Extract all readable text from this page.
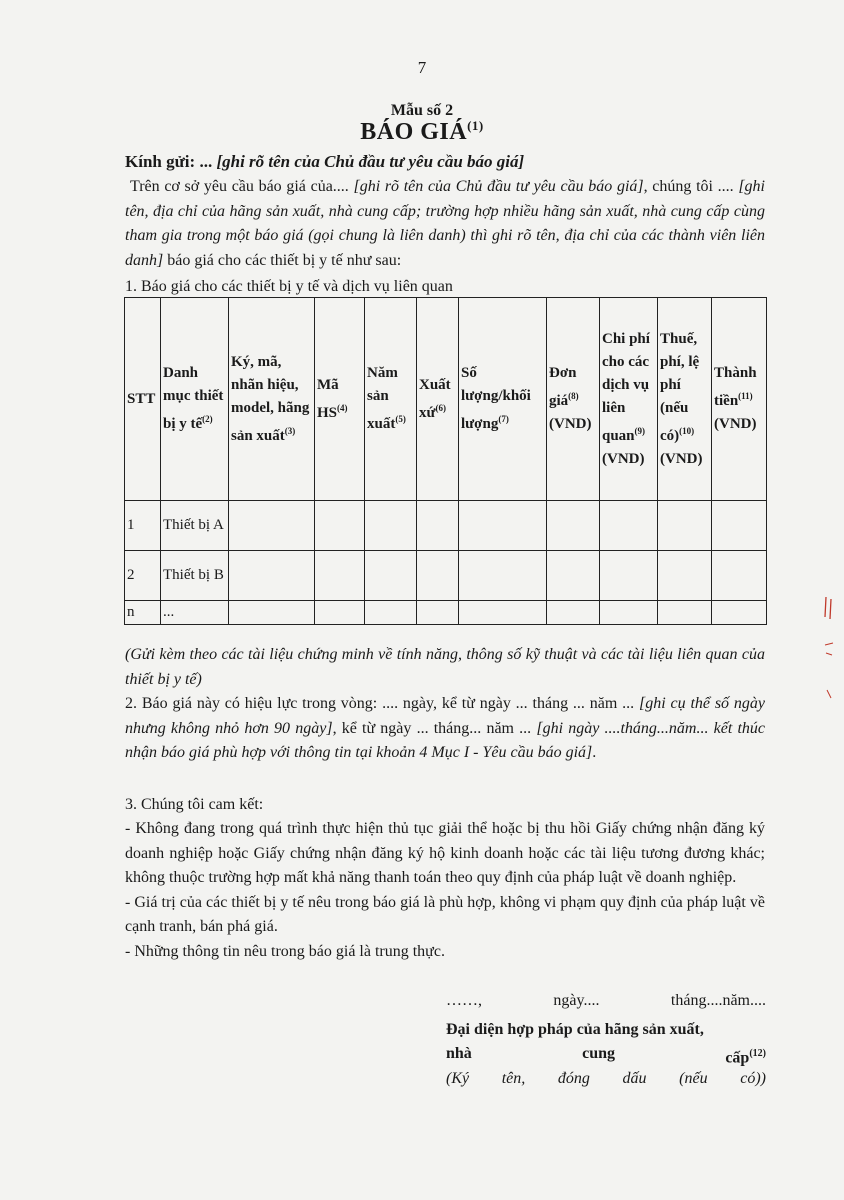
7
Mẫu số 2
BÁO GIÁ$^{(1)}$
Kính gửi: ... [ghi rõ tên của Chủ đầu tư yêu cầu báo giá]
Trên cơ sở yêu cầu báo giá của.... [ghi rõ tên của Chủ đầu tư yêu cầu báo giá], chúng tôi .... [ghi tên, địa chỉ của hãng sản xuất, nhà cung cấp; trường hợp nhiều hãng sản xuất, nhà cung cấp cùng tham gia trong một báo giá (gọi chung là liên danh) thì ghi rõ tên, địa chỉ của các thành viên liên danh] báo giá cho các thiết bị y tế như sau:
1. Báo giá cho các thiết bị y tế và dịch vụ liên quan
STT	Danh mục thiết bị y tế$^{(2)}$	Ký, mã, nhãn hiệu, model, hãng sản xuất$^{(3)}$	Mã HS$^{(4)}$	Năm sản xuất$^{(5)}$	Xuất xứ$^{(6)}$	Số lượng/khối lượng$^{(7)}$	Đơn giá$^{(8)}$ (VND)	Chi phí cho các dịch vụ liên quan$^{(9)}$ (VND)	Thuế, phí, lệ phí (nếu có)$^{(10)}$ (VND)	Thành tiền$^{(11)}$ (VND)
1	Thiết bị A									
2	Thiết bị B									
n	...									
(Gửi kèm theo các tài liệu chứng minh về tính năng, thông số kỹ thuật và các tài liệu liên quan của thiết bị y tế)
2. Báo giá này có hiệu lực trong vòng: .... ngày, kể từ ngày ... tháng ... năm ... [ghi cụ thể số ngày nhưng không nhỏ hơn 90 ngày], kể từ ngày ... tháng... năm ... [ghi ngày ....tháng...năm... kết thúc nhận báo giá phù hợp với thông tin tại khoản 4 Mục I - Yêu cầu báo giá].
3. Chúng tôi cam kết:
- Không đang trong quá trình thực hiện thủ tục giải thể hoặc bị thu hồi Giấy chứng nhận đăng ký doanh nghiệp hoặc Giấy chứng nhận đăng ký hộ kinh doanh hoặc các tài liệu tương đương khác; không thuộc trường hợp mất khả năng thanh toán theo quy định của pháp luật về doanh nghiệp.
- Giá trị của các thiết bị y tế nêu trong báo giá là phù hợp, không vi phạm quy định của pháp luật về cạnh tranh, bán phá giá.
- Những thông tin nêu trong báo giá là trung thực.
……,	ngày....	tháng....năm....
Đại diện hợp pháp của hãng sản xuất,
nhà	cung	cấp$^{(12)}$
(Ký tên, đóng dấu (nếu có))
